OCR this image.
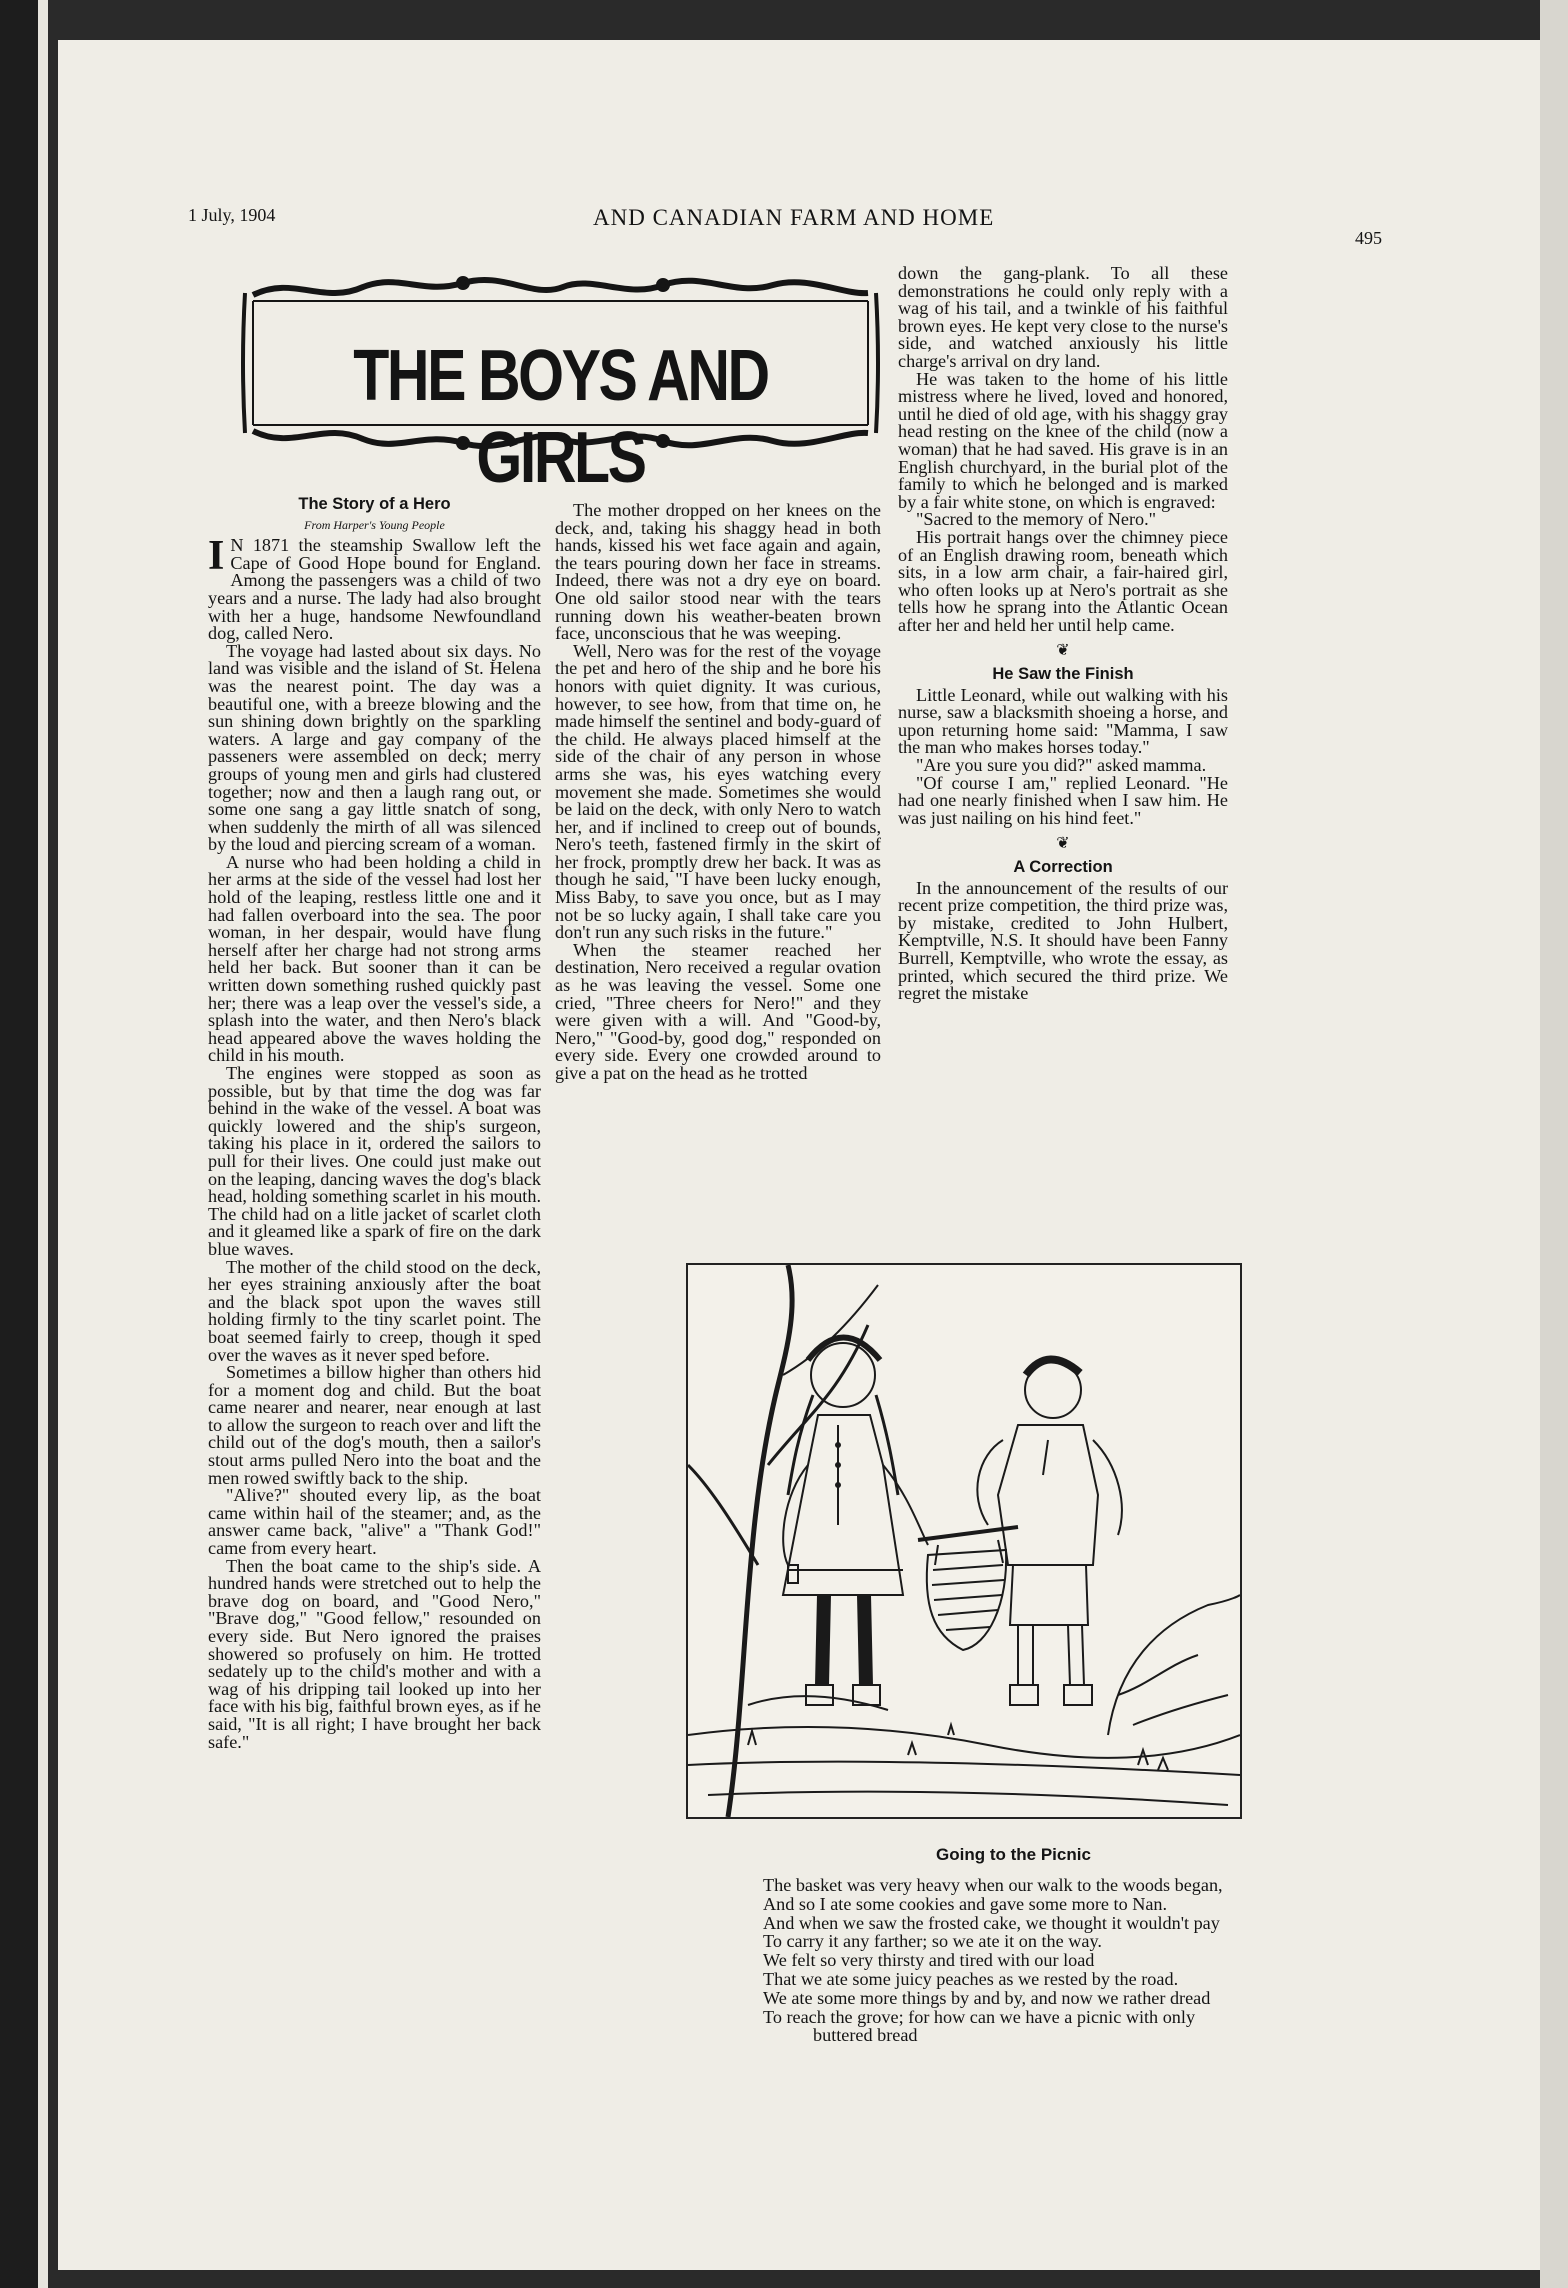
1 July, 1904	AND CANADIAN FARM AND HOME
495
THE BOYS AND GIRLS
The Story of a Hero
From Harper's Young People

I N 1871 the steamship Swallow left the Cape of Good Hope bound for England. Among the passengers was a child of two years and a nurse. The lady had also brought with her a huge, handsome Newfoundland dog, called Nero.

The voyage had lasted about six days. No land was visible and the island of St. Helena was the nearest point. The day was a beautiful one, with a breeze blowing and the sun shining down brightly on the sparkling waters. A large and gay company of the passeners were assembled on deck; merry groups of young men and girls had clustered together; now and then a laugh rang out, or some one sang a gay little snatch of song, when suddenly the mirth of all was silenced by the loud and piercing scream of a woman.

A nurse who had been holding a child in her arms at the side of the vessel had lost her hold of the leaping, restless little one and it had fallen overboard into the sea. The poor woman, in her despair, would have flung herself after her charge had not strong arms held her back. But sooner than it can be written down something rushed quickly past her; there was a leap over the vessel's side, a splash into the water, and then Nero's black head appeared above the waves holding the child in his mouth.

The engines were stopped as soon as possible, but by that time the dog was far behind in the wake of the vessel. A boat was quickly lowered and the ship's surgeon, taking his place in it, ordered the sailors to pull for their lives. One could just make out on the leaping, dancing waves the dog's black head, holding something scarlet in his mouth. The child had on a litle jacket of scarlet cloth and it gleamed like a spark of fire on the dark blue waves.

The mother of the child stood on the deck, her eyes straining anxiously after the boat and the black spot upon the waves still holding firmly to the tiny scarlet point. The boat seemed fairly to creep, though it sped over the waves as it never sped before.

Sometimes a billow higher than others hid for a moment dog and child. But the boat came nearer and nearer, near enough at last to allow the surgeon to reach over and lift the child out of the dog's mouth, then a sailor's stout arms pulled Nero into the boat and the men rowed swiftly back to the ship.

"Alive?" shouted every lip, as the boat came within hail of the steamer; and, as the answer came back, "alive" a "Thank God!" came from every heart.

Then the boat came to the ship's side. A hundred hands were stretched out to help the brave dog on board, and "Good Nero," "Brave dog," "Good fellow," resounded on every side. But Nero ignored the praises showered so profusely on him. He trotted sedately up to the child's mother and with a wag of his dripping tail looked up into her face with his big, faithful brown eyes, as if he said, "It is all right; I have brought her back safe."

The mother dropped on her knees on the deck, and, taking his shaggy head in both hands, kissed his wet face again and again, the tears pouring down her face in streams. Indeed, there was not a dry eye on board. One old sailor stood near with the tears running down his weather-beaten brown face, unconscious that he was weeping.

Well, Nero was for the rest of the voyage the pet and hero of the ship and he bore his honors with quiet dignity. It was curious, however, to see how, from that time on, he made himself the sentinel and body-guard of the child. He always placed himself at the side of the chair of any person in whose arms she was, his eyes watching every movement she made. Sometimes she would be laid on the deck, with only Nero to watch her, and if inclined to creep out of bounds, Nero's teeth, fastened firmly in the skirt of her frock, promptly drew her back. It was as though he said, "I have been lucky enough, Miss Baby, to save you once, but as I may not be so lucky again, I shall take care you don't run any such risks in the future."

When the steamer reached her destination, Nero received a regular ovation as he was leaving the vessel. Some one cried, "Three cheers for Nero!" and they were given with a will. And "Good-by, Nero," "Good-by, good dog," responded on every side. Every one crowded around to give a pat on the head as he trotted

down the gang-plank. To all these demonstrations he could only reply with a wag of his tail, and a twinkle of his faithful brown eyes. He kept very close to the nurse's side, and watched anxiously his little charge's arrival on dry land.

He was taken to the home of his little mistress where he lived, loved and honored, until he died of old age, with his shaggy gray head resting on the knee of the child (now a woman) that he had saved. His grave is in an English churchyard, in the burial plot of the family to which he belonged and is marked by a fair white stone, on which is engraved:

"Sacred to the memory of Nero."

His portrait hangs over the chimney piece of an English drawing room, beneath which sits, in a low arm chair, a fair-haired girl, who often looks up at Nero's portrait as she tells how he sprang into the Atlantic Ocean after her and held her until help came.

❦
He Saw the Finish

Little Leonard, while out walking with his nurse, saw a blacksmith shoeing a horse, and upon returning home said: "Mamma, I saw the man who makes horses today."

"Are you sure you did?" asked mamma.

"Of course I am," replied Leonard. "He had one nearly finished when I saw him. He was just nailing on his hind feet."

❦
A Correction

In the announcement of the results of our recent prize competition, the third prize was, by mistake, credited to John Hulbert, Kemptville, N.S. It should have been Fanny Burrell, Kemptville, who wrote the essay, as printed, which secured the third prize. We regret the mistake

Going to the Picnic
The basket was very heavy when our walk to the woods began,
And so I ate some cookies and gave some more to Nan.
And when we saw the frosted cake, we thought it wouldn't pay
To carry it any farther; so we ate it on the way.
We felt so very thirsty and tired with our load
That we ate some juicy peaches as we rested by the road.
We ate some more things by and by, and now we rather dread
To reach the grove; for how can we have a picnic with only
buttered bread
